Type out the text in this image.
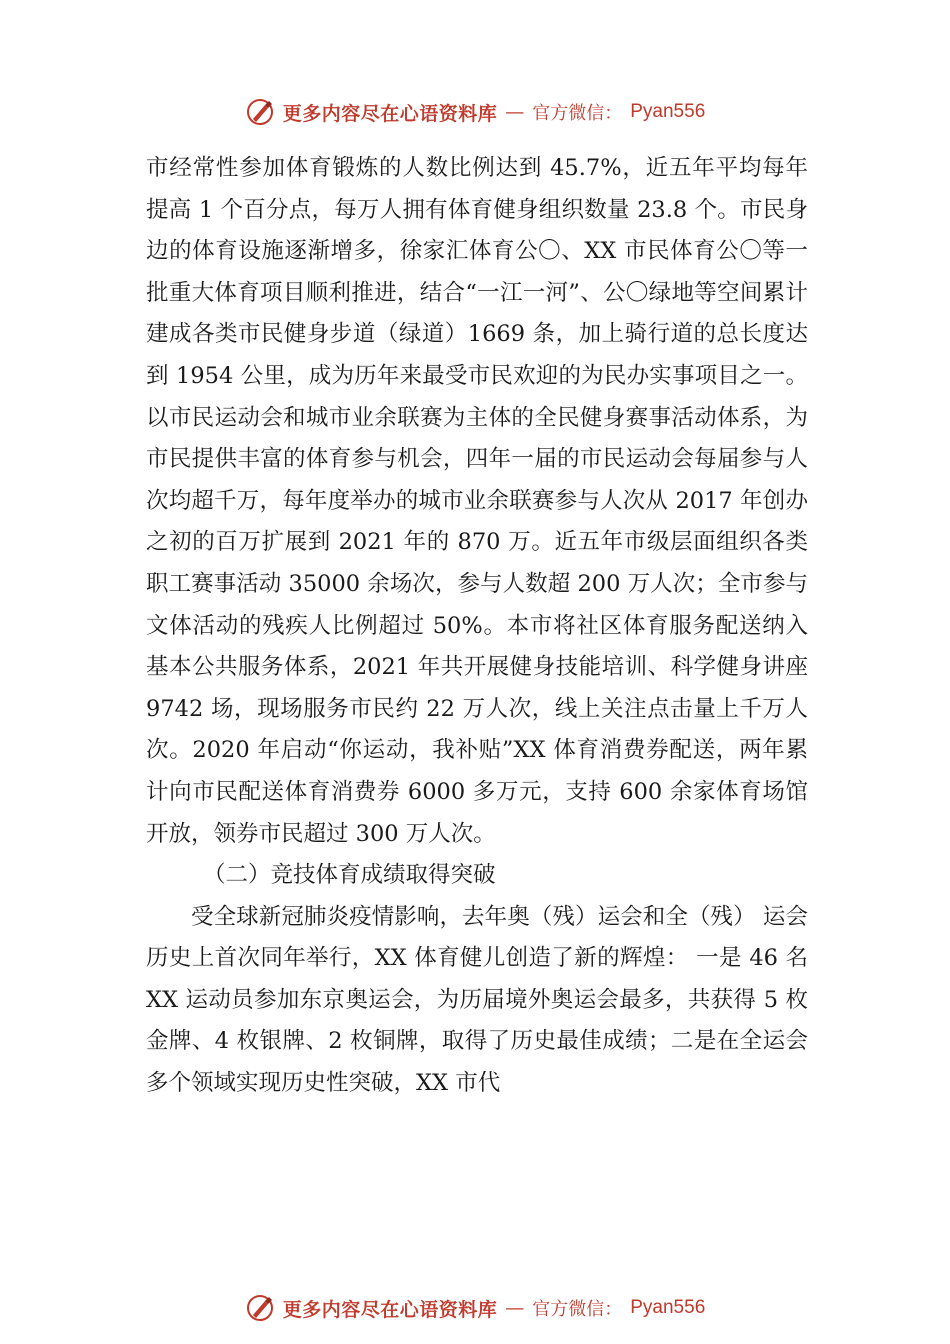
更多内容尽在心语资料库 — 官方微信： Pyan556

市经常性参加体育锻炼的人数比例达到 45.7%，近五年平均每年提高 1 个百分点，每万人拥有体育健身组织数量 23.8 个。市民身边的体育设施逐渐增多，徐家汇体育公〇、XX 市民体育公〇等一批重大体育项目顺利推进，结合“一江一河”、公〇绿地等空间累计建成各类市民健身步道（绿道）1669 条，加上骑行道的总长度达到 1954 公里，成为历年来最受市民欢迎的为民办实事项目之一。以市民运动会和城市业余联赛为主体的全民健身赛事活动体系，为市民提供丰富的体育参与机会，四年一届的市民运动会每届参与人次均超千万，每年度举办的城市业余联赛参与人次从 2017 年创办之初的百万扩展到 2021 年的 870 万。近五年市级层面组织各类职工赛事活动 35000 余场次，参与人数超 200 万人次；全市参与文体活动的残疾人比例超过 50%。本市将社区体育服务配送纳入基本公共服务体系，2021 年共开展健身技能培训、科学健身讲座 9742 场，现场服务市民约 22 万人次，线上关注点击量上千万人次。2020 年启动“你运动，我补贴”XX 体育消费券配送，两年累计向市民配送体育消费券 6000 多万元，支持 600 余家体育场馆开放，领券市民超过 300 万人次。

（二）竞技体育成绩取得突破

受全球新冠肺炎疫情影响，去年奥（残）运会和全（残） 运会历史上首次同年举行，XX 体育健儿创造了新的辉煌： 一是 46 名 XX 运动员参加东京奥运会，为历届境外奥运会最多，共获得 5 枚金牌、4 枚银牌、2 枚铜牌，取得了历史最佳成绩；二是在全运会多个领域实现历史性突破，XX 市代

更多内容尽在心语资料库 — 官方微信： Pyan556
